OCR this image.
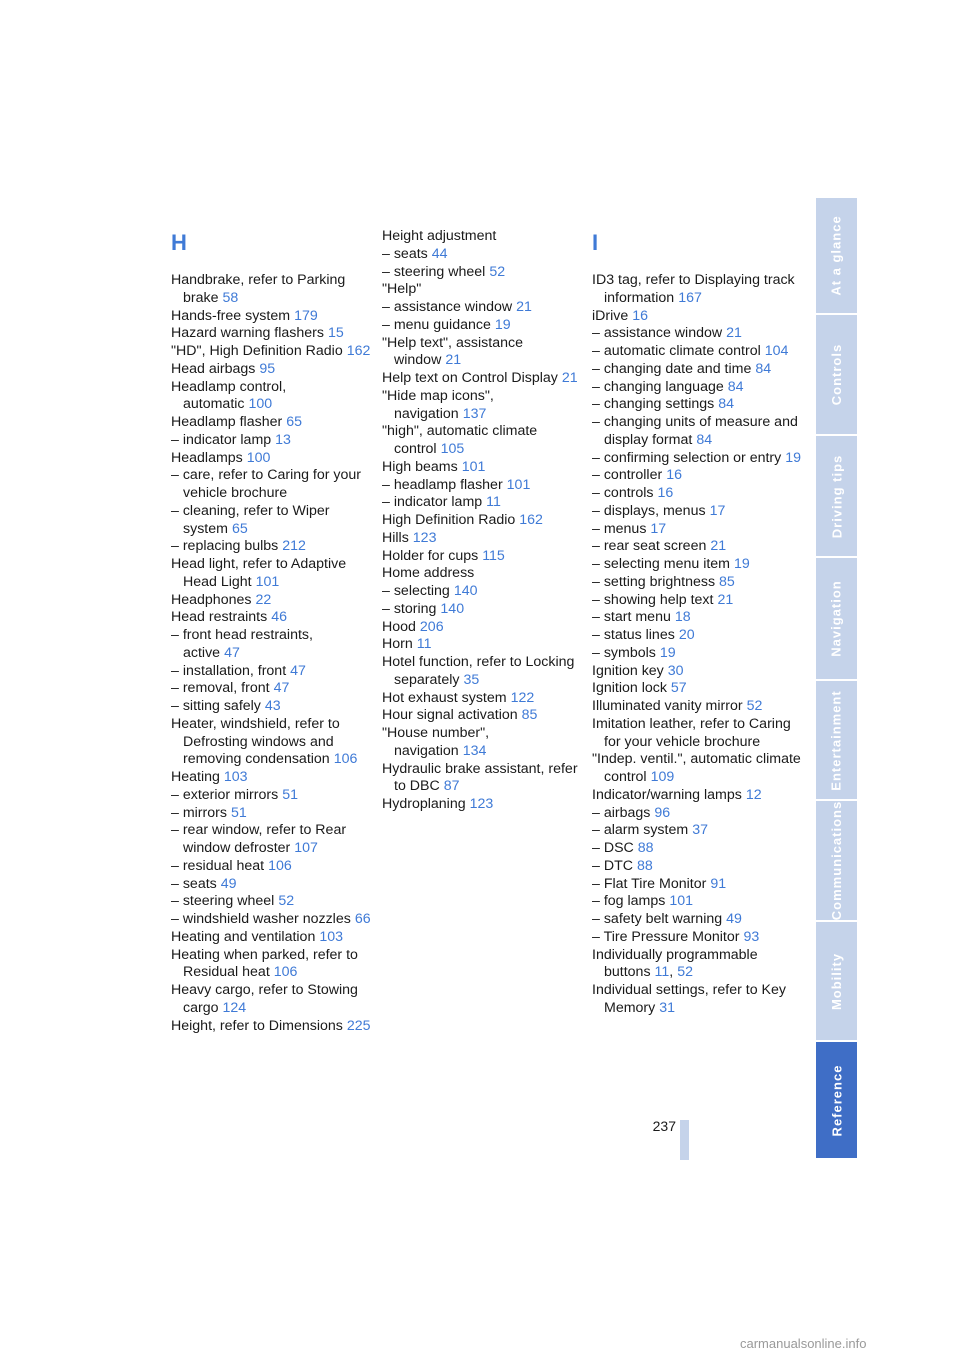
H
Handbrake, refer to Parking brake 58
Hands-free system 179
Hazard warning flashers 15
"HD", High Definition Radio 162
Head airbags 95
Headlamp control, automatic 100
Headlamp flasher 65
– indicator lamp 13
Headlamps 100
– care, refer to Caring for your vehicle brochure
– cleaning, refer to Wiper system 65
– replacing bulbs 212
Head light, refer to Adaptive Head Light 101
Headphones 22
Head restraints 46
– front head restraints, active 47
– installation, front 47
– removal, front 47
– sitting safely 43
Heater, windshield, refer to Defrosting windows and removing condensation 106
Heating 103
– exterior mirrors 51
– mirrors 51
– rear window, refer to Rear window defroster 107
– residual heat 106
– seats 49
– steering wheel 52
– windshield washer nozzles 66
Heating and ventilation 103
Heating when parked, refer to Residual heat 106
Heavy cargo, refer to Stowing cargo 124
Height, refer to Dimensions 225
Height adjustment
– seats 44
– steering wheel 52
"Help"
– assistance window 21
– menu guidance 19
"Help text", assistance window 21
Help text on Control Display 21
"Hide map icons", navigation 137
"high", automatic climate control 105
High beams 101
– headlamp flasher 101
– indicator lamp 11
High Definition Radio 162
Hills 123
Holder for cups 115
Home address
– selecting 140
– storing 140
Hood 206
Horn 11
Hotel function, refer to Locking separately 35
Hot exhaust system 122
Hour signal activation 85
"House number", navigation 134
Hydraulic brake assistant, refer to DBC 87
Hydroplaning 123
I
ID3 tag, refer to Displaying track information 167
iDrive 16
– assistance window 21
– automatic climate control 104
– changing date and time 84
– changing language 84
– changing settings 84
– changing units of measure and display format 84
– confirming selection or entry 19
– controller 16
– controls 16
– displays, menus 17
– menus 17
– rear seat screen 21
– selecting menu item 19
– setting brightness 85
– showing help text 21
– start menu 18
– status lines 20
– symbols 19
Ignition key 30
Ignition lock 57
Illuminated vanity mirror 52
Imitation leather, refer to Caring for your vehicle brochure
"Indep. ventil.", automatic climate control 109
Indicator/warning lamps 12
– airbags 96
– alarm system 37
– DSC 88
– DTC 88
– Flat Tire Monitor 91
– fog lamps 101
– safety belt warning 49
– Tire Pressure Monitor 93
Individually programmable buttons 11, 52
Individual settings, refer to Key Memory 31
At a glance
Controls
Driving tips
Navigation
Entertainment
Communications
Mobility
Reference
237
carmanualsonline.info
